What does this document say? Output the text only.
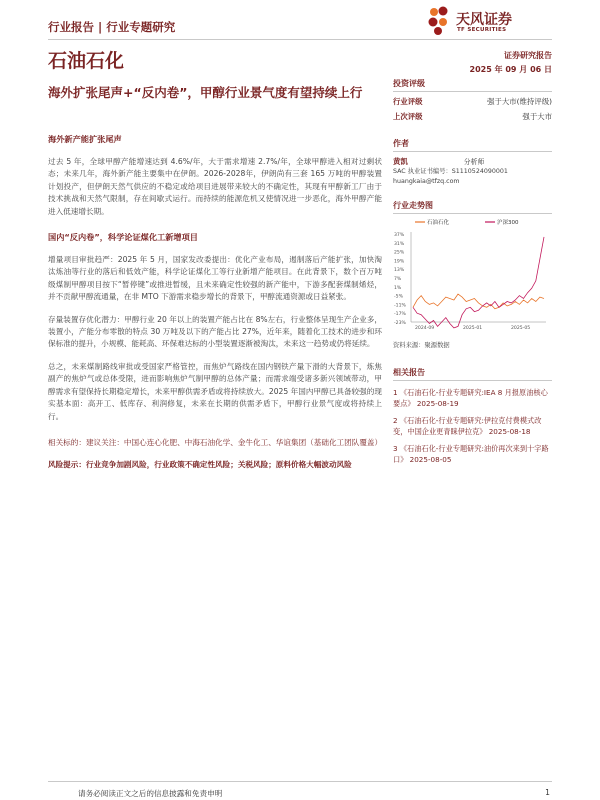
行业报告 | 行业专题研究	天风证券
TF SECURITIES
石油石化	证券研究报告
2025 年 09 月 06 日
海外扩张尾声+“反内卷”，甲醇行业景气度有望持续上行
海外新产能扩张尾声
过去 5 年，全球甲醇产能增速达到 4.6%/年，大于需求增速 2.7%/年，全球甲醇进入相对过剩状态；未来几年，海外新产能主要集中在伊朗。2026-2028年，伊朗尚有三套 165 万吨的甲醇装置计划投产，但伊朗天然气供应的不稳定或给项目进展带来较大的不确定性，其现有甲醇新工厂由于技术挑战和天然气限制，存在间歇式运行。而持续的能源危机又使情况进一步恶化，海外甲醇产能进入低速增长期。
国内“反内卷”，科学论证煤化工新增项目
增量项目审批趋严：2025 年 5 月，国家发改委提出：优化产业布局，遏制落后产能扩张，加快淘汰炼油等行业的落后和低效产能，科学论证煤化工等行业新增产能项目。在此背景下，数个百万吨级煤制甲醇项目按下“暂停键”或推进暂缓，且未来确定性较强的新产能中，下游多配套煤制烯烃，并不贡献甲醇流通量，在非 MTO 下游需求稳步增长的背景下，甲醇流通资源或日益紧张。
存量装置存优化潜力：甲醇行业 20 年以上的装置产能占比在 8%左右，行业整体呈现生产企业多，装置小，产能分布零散的特点 30 万吨及以下的产能占比 27%，近年来，随着化工技术的进步和环保标准的提升，小规模、能耗高、环保难达标的小型装置逐渐被淘汰，未来这一趋势或仍将延续。
总之，未来煤制路线审批或受国家严格管控，而焦炉气路线在国内钢铁产量下滑的大背景下，炼焦副产的焦炉气或总体受限，进而影响焦炉气制甲醇的总体产量；而需求端受诸多新兴领域带动，甲醇需求有望保持长期稳定增长，未来甲醇供需矛盾或将持续放大。2025 年国内甲醇已具备较强的现实基本面：高开工、低库存、利润修复，未来在长期的供需矛盾下，甲醇行业景气度或将持续上行。
相关标的：建议关注：中国心连心化肥、中海石油化学、金牛化工、华谊集团（基础化工团队覆盖）
风险提示：行业竞争加剧风险，行业政策不确定性风险；关税风险；原料价格大幅波动风险
投资评级
行业评级	强于大市(维持评级)
上次评级	强于大市
作者
黄凯	分析师
SAC 执业证书编号：S1110524090001
huangkaia@tfzq.com
行业走势图
37%
31%
25%
19%
13%
7%
1%
-5%
-11%
-17%
-23%
2024-09	2025-01	2025-05
石油石化	沪深300
资料来源：聚源数据
相关报告
1 《石油石化-行业专题研究:IEA 8 月报原油核心要点》 2025-08-19
2 《石油石化-行业专题研究:伊拉克付费模式改变，中国企业更青睐伊拉克》 2025-08-18
3 《石油石化-行业专题研究:油价再次来到十字路口》 2025-08-05
请务必阅读正文之后的信息披露和免责申明	1
